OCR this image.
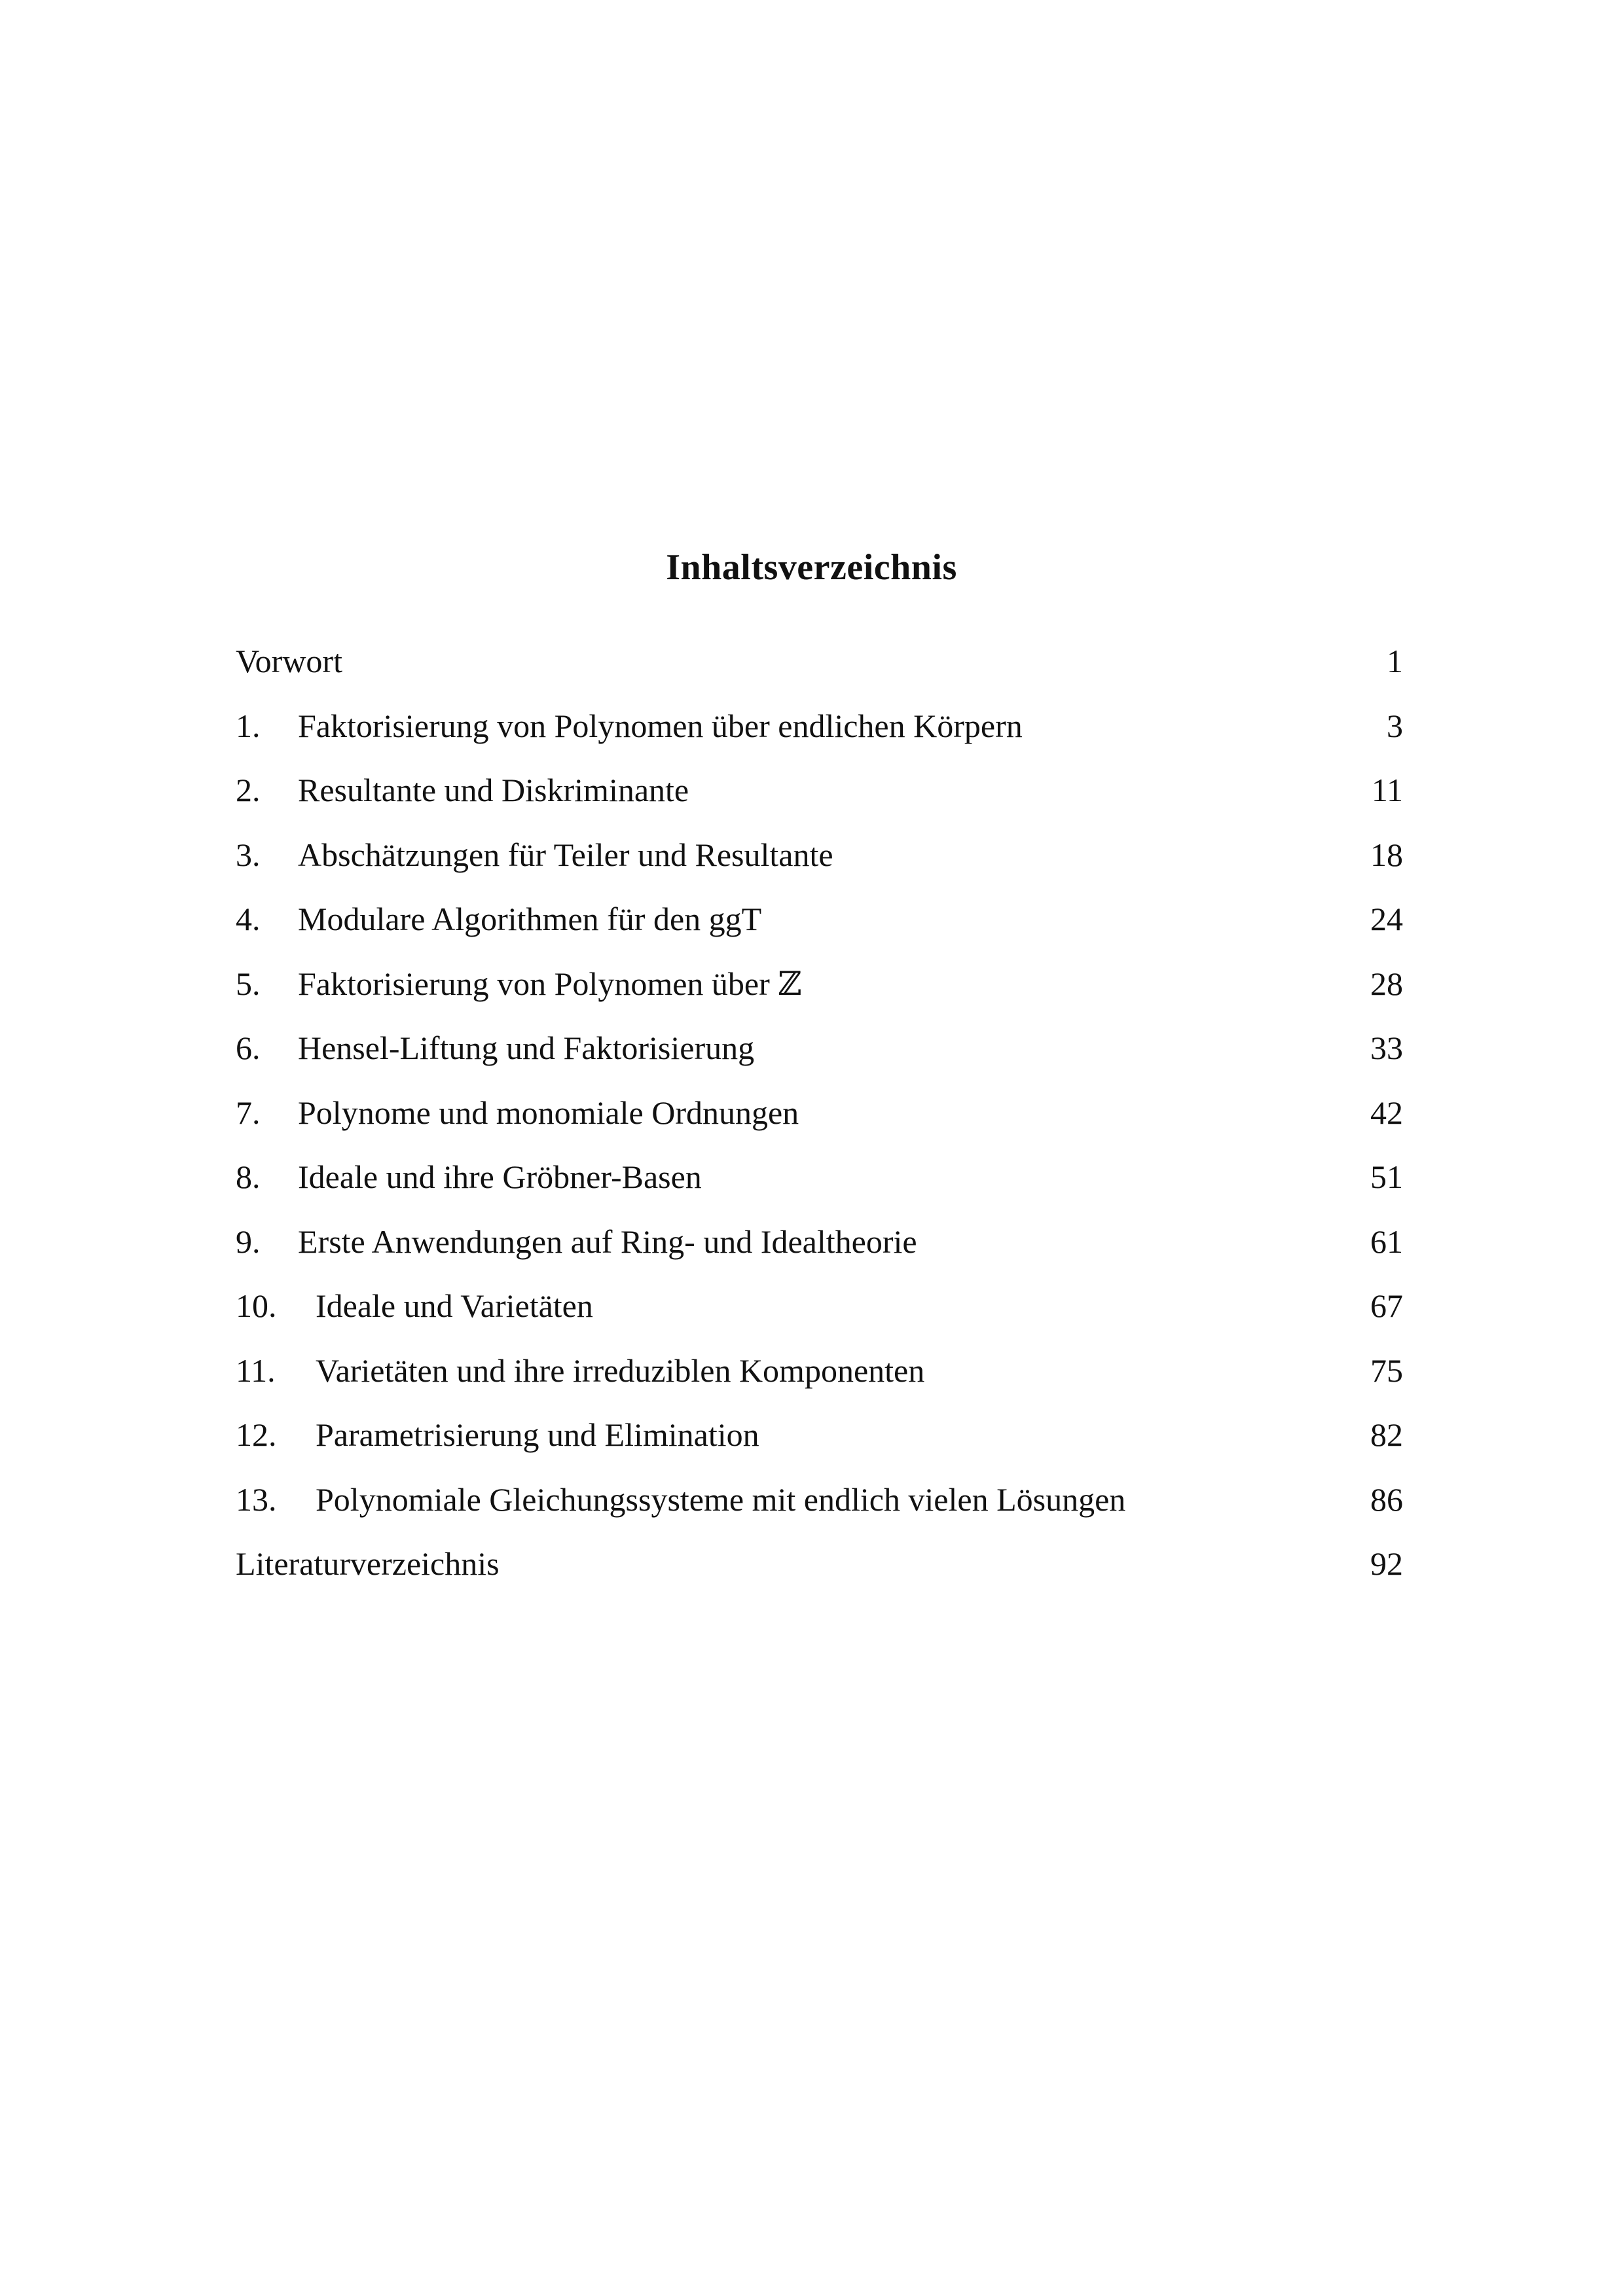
Inhaltsverzeichnis
Vorwort	1
1. Faktorisierung von Polynomen über endlichen Körpern	3
2. Resultante und Diskriminante	11
3. Abschätzungen für Teiler und Resultante	18
4. Modulare Algorithmen für den ggT	24
5. Faktorisierung von Polynomen über ℤ	28
6. Hensel-Liftung und Faktorisierung	33
7. Polynome und monomiale Ordnungen	42
8. Ideale und ihre Gröbner-Basen	51
9. Erste Anwendungen auf Ring- und Idealtheorie	61
10. Ideale und Varietäten	67
11. Varietäten und ihre irreduziblen Komponenten	75
12. Parametrisierung und Elimination	82
13. Polynomiale Gleichungssysteme mit endlich vielen Lösungen	86
Literaturverzeichnis	92
